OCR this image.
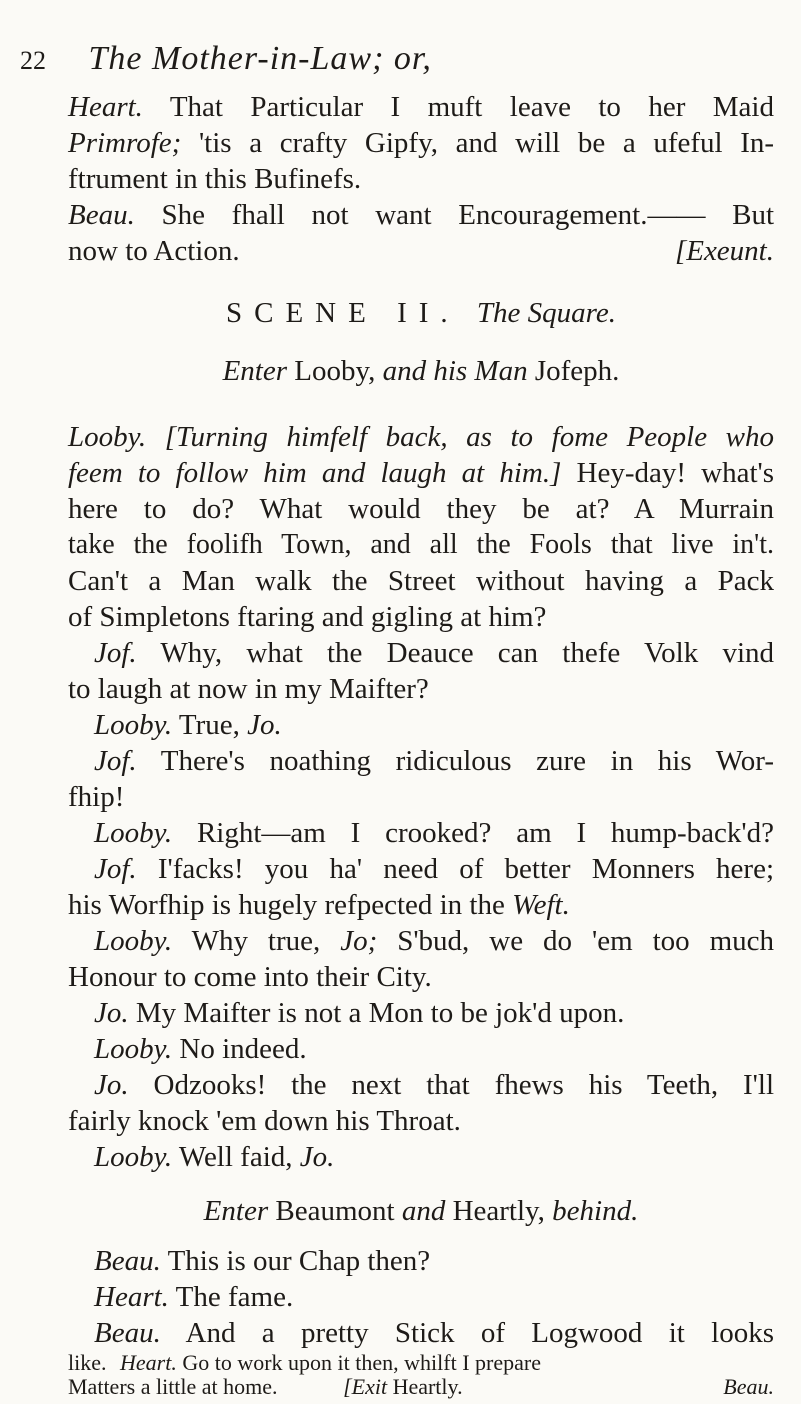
22 The Mother-in-Law; or,
Heart. That Particular I muft leave to her Maid
Primrofe; 'tis a crafty Gipfy, and will be a ufeful In-
ftrument in this Bufinefs.
Beau. She fhall not want Encouragement.—— But
now to Action.	[Exeunt.
SCENE II. The Square.
Enter Looby, and his Man Jofeph.
Looby. [Turning himfelf back, as to fome People who
feem to follow him and laugh at him.] Hey-day! what's
here to do? What would they be at? A Murrain
take the foolifh Town, and all the Fools that live in't.
Can't a Man walk the Street without having a Pack
of Simpletons ftaring and gigling at him?
Jof. Why, what the Deauce can thefe Volk vind
to laugh at now in my Maifter?
Looby. True, Jo.
Jof. There's noathing ridiculous zure in his Wor-
fhip!
Looby. Right—am I crooked? am I hump-back'd?
Jof. I'facks! you ha' need of better Monners here;
his Worfhip is hugely refpected in the Weft.
Looby. Why true, Jo; S'bud, we do 'em too much
Honour to come into their City.
Jo. My Maifter is not a Mon to be jok'd upon.
Looby. No indeed.
Jo. Odzooks! the next that fhews his Teeth, I'll
fairly knock 'em down his Throat.
Looby. Well faid, Jo.
Enter Beaumont and Heartly, behind.
Beau. This is our Chap then?
Heart. The fame.
Beau. And a pretty Stick of Logwood it looks
like. Heart. Go to work upon it then, whilft I prepare
Matters a little at home.	[Exit Heartly.	Beau.
